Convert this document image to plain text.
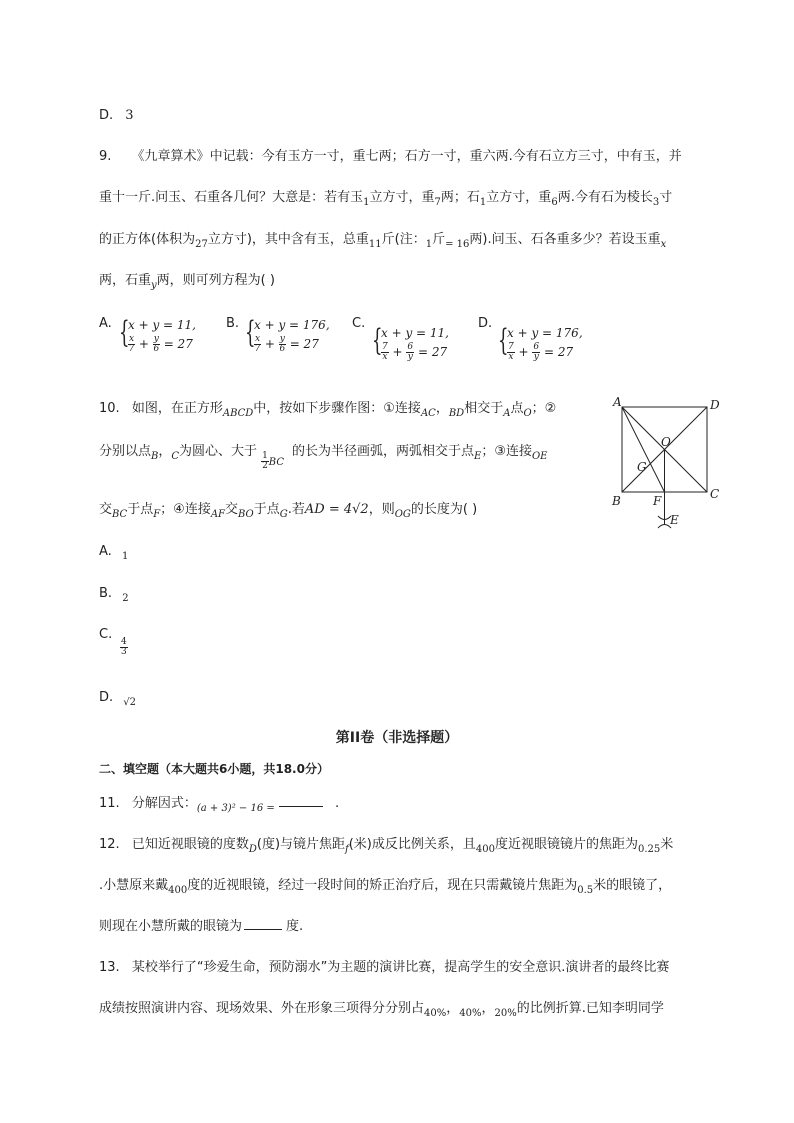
D. 3
9. 《九章算术》中记载：今有玉方一寸，重七两；石方一寸，重六两.今有石立方三寸，中有玉，并
重十一斤.问玉、石重各几何？大意是：若有玉$_1$立方寸，重$_7$两；石$_1$立方寸，重$_6$两.今有石为棱长$_3$寸
的正方体(体积为$_{27}$立方寸)，其中含有玉，总重$_{11}$斤(注：$_1$斤$_{= 16}$两).问玉、石各重多少？若设玉重$_x$
两，石重$_y$两，则可列方程为( )
A. {
x + y = 11,
$\frac{x}{7} + \frac{y}{6} = 27$
B. {
x + y = 176,
$\frac{x}{7} + \frac{y}{6} = 27$
C. {
x + y = 11,
$\frac{7}{x} + \frac{6}{y} = 27$
D. {
x + y = 176,
$\frac{7}{x} + \frac{6}{y} = 27$
10. 如图，在正方形$_{ABCD}$中，按如下步骤作图：①连接$_{AC}$，$_{BD}$相交于$_A$点$_O$；②
分别以点$_B$，$_C$为圆心、大于
$\frac{1}{2} _{BC}$的长为半径画弧，两弧相交于点$_E$；③连接$_{OE}$
交$_{BC}$于点$_F$；④连接$_{AF}$交$_{BO}$于点$_G$.若AD = 4√2，则$_{OG}$的长度为( )
A	D
B	C
O
G
F
E
A. $_1$
B. $_2$
C.
$\frac{4}{3}$
D. $_{√2}$
第II卷（非选择题）
二、填空题（本大题共6小题，共18.0分）
11. 分解因式：$_{(a + 3)^2 - 16 =}$	.
12. 已知近视眼镜的度数$_D$(度)与镜片焦距$_f$(米)成反比例关系，且$_{400}$度近视眼镜镜片的焦距为$_{0.25}$米
.小慧原来戴$_{400}$度的近视眼镜，经过一段时间的矫正治疗后，现在只需戴镜片焦距为$_{0.5}$米的眼镜了，
则现在小慧所戴的眼镜为	度.
13. 某校举行了“珍爱生命，预防溺水”为主题的演讲比赛，提高学生的安全意识.演讲者的最终比赛
成绩按照演讲内容、现场效果、外在形象三项得分分别占$_{40\%}$，$_{40\%}$，$_{20\%}$的比例折算.已知李明同学
